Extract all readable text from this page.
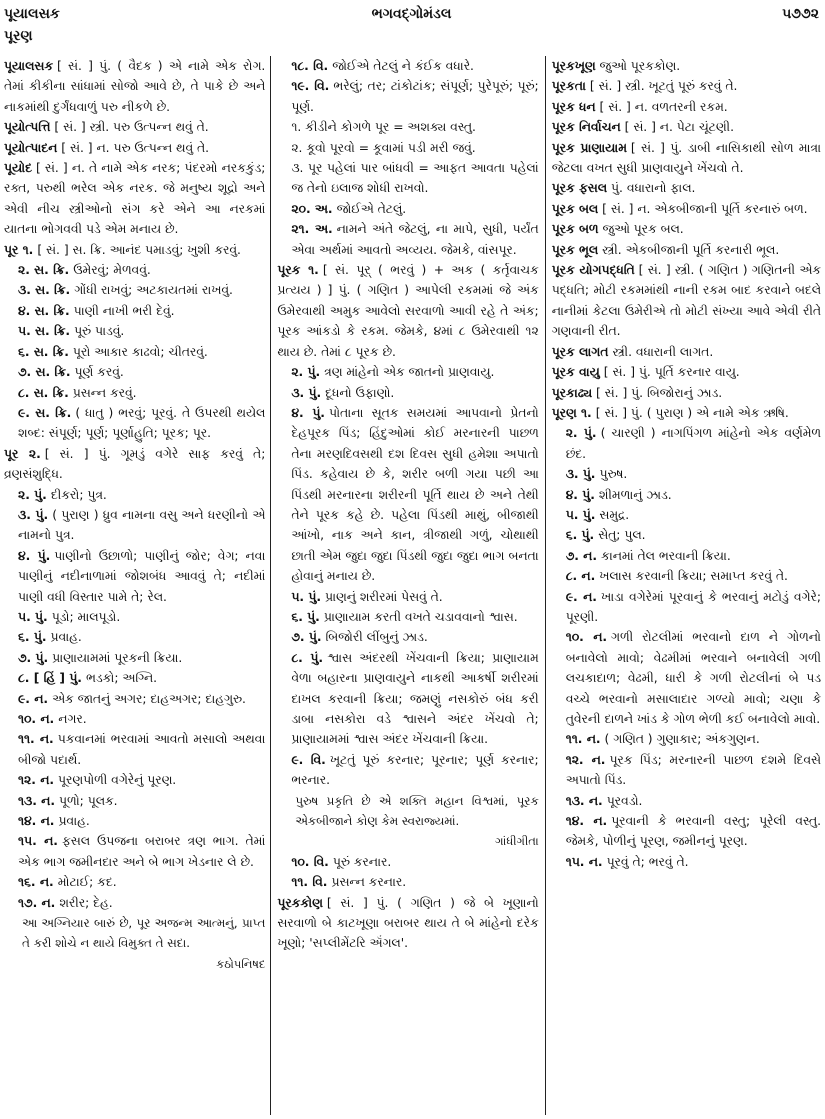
પૂયાલસક	ભગવદ્ગોમંડલ	૫૭૭૨
પૂરણ

પૂયાલસક [ સં. ] પું. ( વૈદક ) એ નામે એક રોગ. તેમાં કીકીના સાંધામાં સોજો આવે છે, તે પાકે છે અને નાકમાંથી દુર્ગંધવાળું પરુ નીકળે છે.

પૂયોત્પત્તિ [ સં. ] સ્ત્રી. પરુ ઉત્પન્ન થવું તે.

પૂયોત્પાદન [ સં. ] ન. પરુ ઉત્પન્ન થવું તે.

પૂયોદ [ સં. ] ન. તે નામે એક નરક; પંદરમો નરકકુંડ; રક્ત, પરુથી ભરેલ એક નરક. જે મનુષ્ય શૂદ્રો અને એવી નીચ સ્ત્રીઓનો સંગ કરે એને આ નરકમાં યાતના ભોગવવી પડે એમ મનાય છે.

પૂર ૧. [ સં. ] સ. ક્રિ. આનંદ પમાડવું; ખુશી કરવું.

૨. સ. ક્રિ. ઉમેરવું; મેળવવું.

૩. સ. ક્રિ. ગોંધી રાખવું; અટકાયતમાં રાખવું.

૪. સ. ક્રિ. પાણી નાખી ભરી દેવું.

૫. સ. ક્રિ. પૂરું પાડવું.

૬. સ. ક્રિ. પૂરો આકાર કાઢવો; ચીતરવું.

૭. સ. ક્રિ. પૂર્ણ કરવું.

૮. સ. ક્રિ. પ્રસન્ન કરવું.

૯. સ. ક્રિ. ( ધાતુ ) ભરવું; પૂરવું. તે ઉપરથી થયેલ શબ્દ: સંપૂર્ણ; પૂર્ણ; પૂર્ણાહુતિ; પૂરક; પૂર.

પૂર ૨. [ સં. ] પું. ગૂમડું વગેરે સાફ કરવું તે; વ્રણસંશુદ્ધિ.

૨. પું. દીકરો; પુત્ર.

૩. પું. ( પુરાણ ) ધ્રુવ નામના વસુ અને ધરણીનો એ નામનો પુત્ર.

૪. પું. પાણીનો ઉછાળો; પાણીનું જોર; વેગ; નવા પાણીનું નદીનાળામાં જોશબંધ આવવું તે; નદીમાં પાણી વધી વિસ્તાર પામે તે; રેલ.

૫. પું. પૂડો; માલપૂડો.

૬. પું. પ્રવાહ.

૭. પું. પ્રાણાયામમાં પૂરકની ક્રિયા.

૮. [ હિં ] પું. ભડકો; અગ્નિ.

૯. ન. એક જાતનું અગર; દાહઅગર; દાહગુરુ.

૧૦. ન. નગર.

૧૧. ન. પકવાનમાં ભરવામાં આવતો મસાલો અથવા બીજો પદાર્થ.

૧૨. ન. પૂરણપોળી વગેરેનું પૂરણ.

૧૩. ન. પૂળો; પૂલક.

૧૪. ન. પ્રવાહ.

૧૫. ન. ફસલ ઉપજના બરાબર ત્રણ ભાગ. તેમાં એક ભાગ જમીનદાર અને બે ભાગ ખેડનાર લે છે.

૧૬. ન. મોટાઈ; કદ.

૧૭. ન. શરીર; દેહ.

આ અગ્નિયાર બારું છે, પૂર અજન્મ આત્મનું, પ્રાપ્ત તે કરી શોચે ન થાયે વિમુક્ત તે સદા.
કઠોપનિષદ

૧૮. વિ. જોઈએ તેટલું ને કંઈક વધારે.

૧૯. વિ. ભરેલું; તર; ટાંકોટાંક; સંપૂર્ણ; પુરેપૂરું; પૂરું; પૂર્ણ.

૧. કીડીને કોગળે પૂર = અશક્ય વસ્તુ.

૨. કૂવો પૂરવો = કૂવામાં પડી મરી જવું.

૩. પૂર પહેલાં પાર બાંધવી = આફત આવતા પહેલાં જ તેનો ઇલાજ શોધી રાખવો.

૨૦. અ. જોઈએ તેટલું.

૨૧. અ. નામને અંતે જેટલું, ના માપે, સુધી, પર્યંત એવા અર્થમાં આવતો અવ્યય. જેમકે, વાંસપૂર.

પૂરક ૧. [ સં. પૂર્ ( ભરવું ) + અક ( કર્તૃવાચક પ્રત્યય ) ] પું. ( ગણિત ) આપેલી રકમમાં જે અંક ઉમેરવાથી અમુક આવેલો સરવાળો આવી રહે તે અંક; પૂરક આંકડો કે રકમ. જેમકે, ૪માં ૮ ઉમેરવાથી ૧૨ થાય છે. તેમાં ૮ પૂરક છે.

૨. પું. ત્રણ માંહેનો એક જાતનો પ્રાણવાયુ.

૩. પું. દૂધનો ઉફાણો.

૪. પું. પોતાના સૂતક સમયમાં આપવાનો પ્રેતનો દેહપૂરક પિંડ; હિંદુઓમાં કોઈ મરનારની પાછળ તેના મરણદિવસથી દશ દિવસ સુધી હમેશા અપાતો પિંડ. કહેવાય છે કે, શરીર બળી ગયા પછી આ પિંડથી મરનારના શરીરની પૂર્તિ થાય છે અને તેથી તેને પૂરક કહે છે. પહેલા પિંડથી માથું, બીજાથી આંખો, નાક અને કાન, ત્રીજાથી ગળું, ચોથાથી છાતી એમ જુદા જુદા પિંડથી જુદા જુદા ભાગ બનતા હોવાનું મનાય છે.

૫. પું. પ્રાણનું શરીરમાં પેસવું તે.

૬. પું. પ્રાણાયામ કરતી વખતે ચડાવવાનો શ્વાસ.

૭. પું. બિજોરી લીંબુનું ઝાડ.

૮. પું. શ્વાસ અંદરથી ખેંચવાની ક્રિયા; પ્રાણાયામ વેળા બહારના પ્રાણવાયુને નાકથી આકર્ષી શરીરમાં દાખલ કરવાની ક્રિયા; જમણું નસકોરું બંધ કરી ડાબા નસકોરા વડે શ્વાસને અંદર ખેંચવો તે; પ્રાણાયામમાં શ્વાસ અંદર ખેંચવાની ક્રિયા.

૯. વિ. ખૂટતું પૂરું કરનાર; પૂરનાર; પૂર્ણ કરનાર; ભરનાર.

પુરુષ પ્રકૃતિ છે એ શક્તિ મહાન વિશ્વમાં, પૂરક એકબીજાને કોણ કેમ સ્વરાજ્યમાં.
ગાંધીગીતા

૧૦. વિ. પૂરું કરનાર.

૧૧. વિ. પ્રસન્ન કરનાર.

પૂરકકોણ [ સં. ] પું. ( ગણિત ) જે બે ખૂણાનો સરવાળો બે કાટખૂણા બરાબર થાય તે બે માંહેનો દરેક ખૂણો; 'સપ્લીમેંટરિ ઍંગલ'.

પૂરકખૂણ જુઓ પૂરકકોણ.

પૂરકતા [ સં. ] સ્ત્રી. ખૂટતું પૂરું કરવું તે.

પૂરક ધન [ સં. ] ન. વળતરની રકમ.

પૂરક નિર્વાચન [ સં. ] ન. પેટા ચૂંટણી.

પૂરક પ્રાણાયામ [ સં. ] પું. ડાબી નાસિકાથી સોળ માત્રા જેટલા વખત સુધી પ્રાણવાયુને ખેંચવો તે.

પૂરક ફસલ પું. વધારાનો ફાલ.

પૂરક બલ [ સં. ] ન. એકબીજાની પૂર્તિ કરનારું બળ.

પૂરક બળ જુઓ પૂરક બલ.

પૂરક ભૂલ સ્ત્રી. એકબીજાની પૂર્તિ કરનારી ભૂલ.

પૂરક યોગપદ્ધતિ [ સં. ] સ્ત્રી. ( ગણિત ) ગણિતની એક પદ્ધતિ; મોટી રકમમાંથી નાની રકમ બાદ કરવાને બદલે નાનીમાં કેટલા ઉમેરીએ તો મોટી સંખ્યા આવે એવી રીતે ગણવાની રીત.

પૂરક લાગત સ્ત્રી. વધારાની લાગત.

પૂરક વાયુ [ સં. ] પું. પૂર્તિ કરનાર વાયુ.

પૂરકાઢ્ય [ સં. ] પું. બિજોરાનું ઝાડ.

પૂરણ ૧. [ સં. ] પું. ( પુરાણ ) એ નામે એક ઋષિ.

૨. પું. ( ચારણી ) નાગપિંગળ માંહેનો એક વર્ણમેળ છંદ.

૩. પું. પુરુષ.

૪. પું. શીમળાનું ઝાડ.

૫. પું. સમુદ્ર.

૬. પું. સેતુ; પુલ.

૭. ન. કાનમાં તેલ ભરવાની ક્રિયા.

૮. ન. ખલાસ કરવાની ક્રિયા; સમાપ્ત કરવું તે.

૯. ન. ખાડા વગેરેમાં પૂરવાનું કે ભરવાનું મટોડું વગેરે; પૂરણી.

૧૦. ન. ગળી રોટલીમાં ભરવાનો દાળ ને ગોળનો બનાવેલો માવો; વેઢમીમાં ભરવાને બનાવેલી ગળી લચકાદાળ; વેઢમી, ધારી કે ગળી રોટલીનાં બે પડ વચ્ચે ભરવાનો મસાલાદાર ગળ્યો માવો; ચણા કે તુવેરની દાળને ખાંડ કે ગોળ ભેળી કઈ બનાવેલો માવો.

૧૧. ન. ( ગણિત ) ગુણાકાર; અંકગુણન.

૧૨. ન. પૂરક પિંડ; મરનારની પાછળ દશમે દિવસે અપાતો પિંડ.

૧૩. ન. પૂરવડો.

૧૪. ન. પૂરવાની કે ભરવાની વસ્તુ; પૂરેલી વસ્તુ. જેમકે, પોળીનું પૂરણ, જમીનનું પૂરણ.

૧૫. ન. પૂરવું તે; ભરવું તે.
